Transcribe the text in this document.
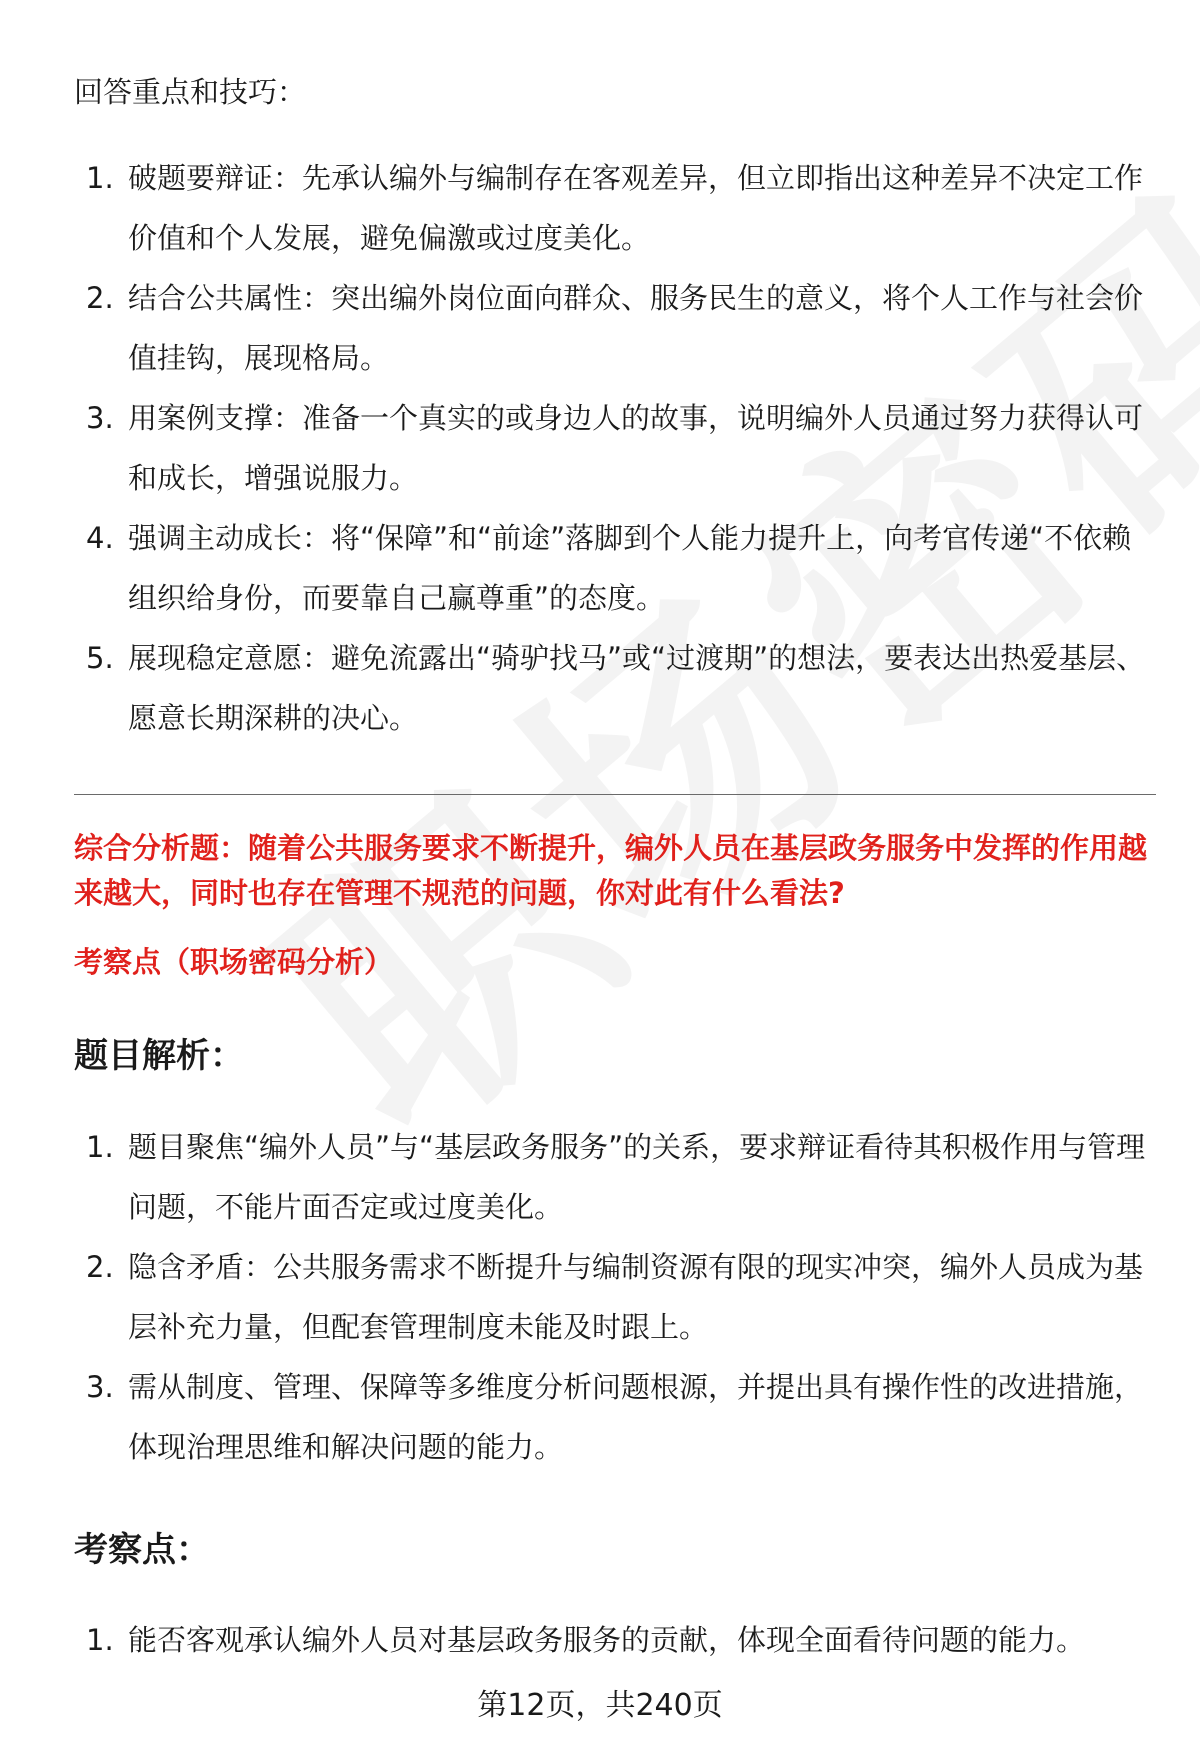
回答重点和技巧：
1. 破题要辩证：先承认编外与编制存在客观差异，但立即指出这种差异不决定工作价值和个人发展，避免偏激或过度美化。
2. 结合公共属性：突出编外岗位面向群众、服务民生的意义，将个人工作与社会价值挂钩，展现格局。
3. 用案例支撑：准备一个真实的或身边人的故事，说明编外人员通过努力获得认可和成长，增强说服力。
4. 强调主动成长：将“保障”和“前途”落脚到个人能力提升上，向考官传递“不依赖组织给身份，而要靠自己赢尊重”的态度。
5. 展现稳定意愿：避免流露出“骑驴找马”或“过渡期”的想法，要表达出热爱基层、愿意长期深耕的决心。
综合分析题：随着公共服务要求不断提升，编外人员在基层政务服务中发挥的作用越来越大，同时也存在管理不规范的问题，你对此有什么看法?
考察点（职场密码分析）
题目解析：
1. 题目聚焦“编外人员”与“基层政务服务”的关系，要求辩证看待其积极作用与管理问题，不能片面否定或过度美化。
2. 隐含矛盾：公共服务需求不断提升与编制资源有限的现实冲突，编外人员成为基层补充力量，但配套管理制度未能及时跟上。
3. 需从制度、管理、保障等多维度分析问题根源，并提出具有操作性的改进措施，体现治理思维和解决问题的能力。
考察点：
1. 能否客观承认编外人员对基层政务服务的贡献，体现全面看待问题的能力。
第12页，共240页
